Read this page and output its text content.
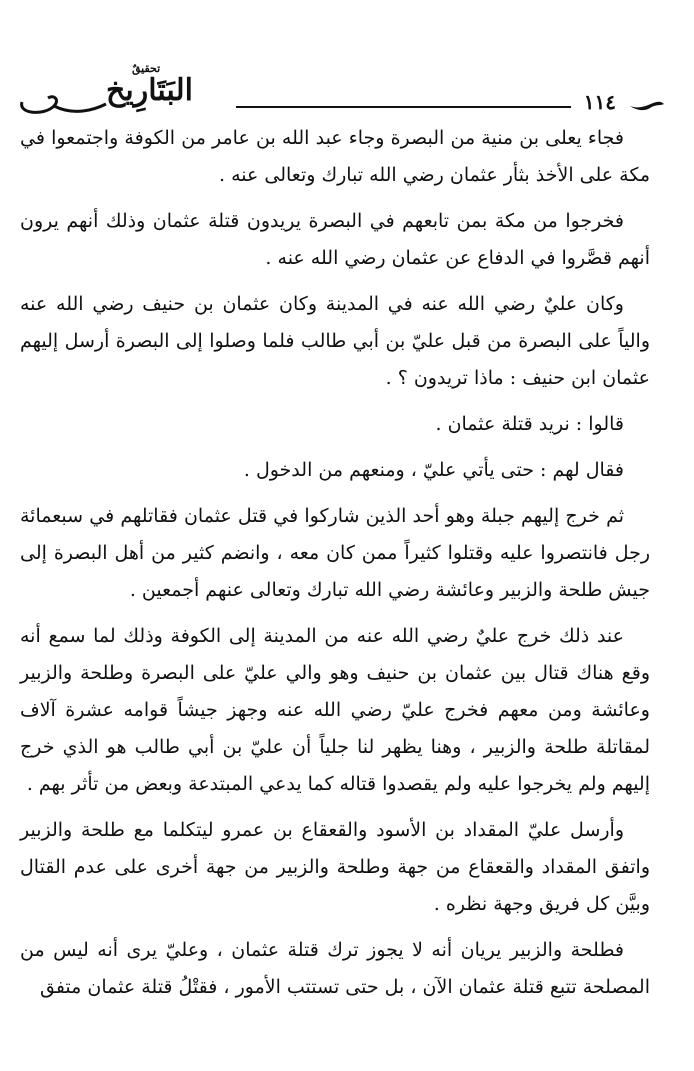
١١٤
تحقيقٌ
البَتَارِيخ

فجاء يعلى بن منية من البصرة وجاء عبد الله بن عامر من الكوفة واجتمعوا في مكة على الأخذ بثأر عثمان رضي الله تبارك وتعالى عنه .

فخرجوا من مكة بمن تابعهم في البصرة يريدون قتلة عثمان وذلك أنهم يرون أنهم قصَّروا في الدفاع عن عثمان رضي الله عنه .

وكان عليٌ رضي الله عنه في المدينة وكان عثمان بن حنيف رضي الله عنه والياً على البصرة من قبل عليّ بن أبي طالب فلما وصلوا إلى البصرة أرسل إليهم عثمان ابن حنيف : ماذا تريدون ؟ .

قالوا : نريد قتلة عثمان .

فقال لهم : حتى يأتي عليّ ، ومنعهم من الدخول .

ثم خرج إليهم جبلة وهو أحد الذين شاركوا في قتل عثمان فقاتلهم في سبعمائة رجل فانتصروا عليه وقتلوا كثيراً ممن كان معه ، وانضم كثير من أهل البصرة إلى جيش طلحة والزبير وعائشة رضي الله تبارك وتعالى عنهم أجمعين .

عند ذلك خرج عليٌ رضي الله عنه من المدينة إلى الكوفة وذلك لما سمع أنه وقع هناك قتال بين عثمان بن حنيف وهو والي عليّ على البصرة وطلحة والزبير وعائشة ومن معهم فخرج عليّ رضي الله عنه وجهز جيشاً قوامه عشرة آلاف لمقاتلة طلحة والزبير ، وهنا يظهر لنا جلياً أن عليّ بن أبي طالب هو الذي خرج إليهم ولم يخرجوا عليه ولم يقصدوا قتاله كما يدعي المبتدعة وبعض من تأثر بهم .

وأرسل عليّ المقداد بن الأسود والقعقاع بن عمرو ليتكلما مع طلحة والزبير واتفق المقداد والقعقاع من جهة وطلحة والزبير من جهة أخرى على عدم القتال وبيَّن كل فريق وجهة نظره .

فطلحة والزبير يريان أنه لا يجوز ترك قتلة عثمان ، وعليّ يرى أنه ليس من المصلحة تتبع قتلة عثمان الآن ، بل حتى تستتب الأمور ، فقتْلُ قتلة عثمان متفق
